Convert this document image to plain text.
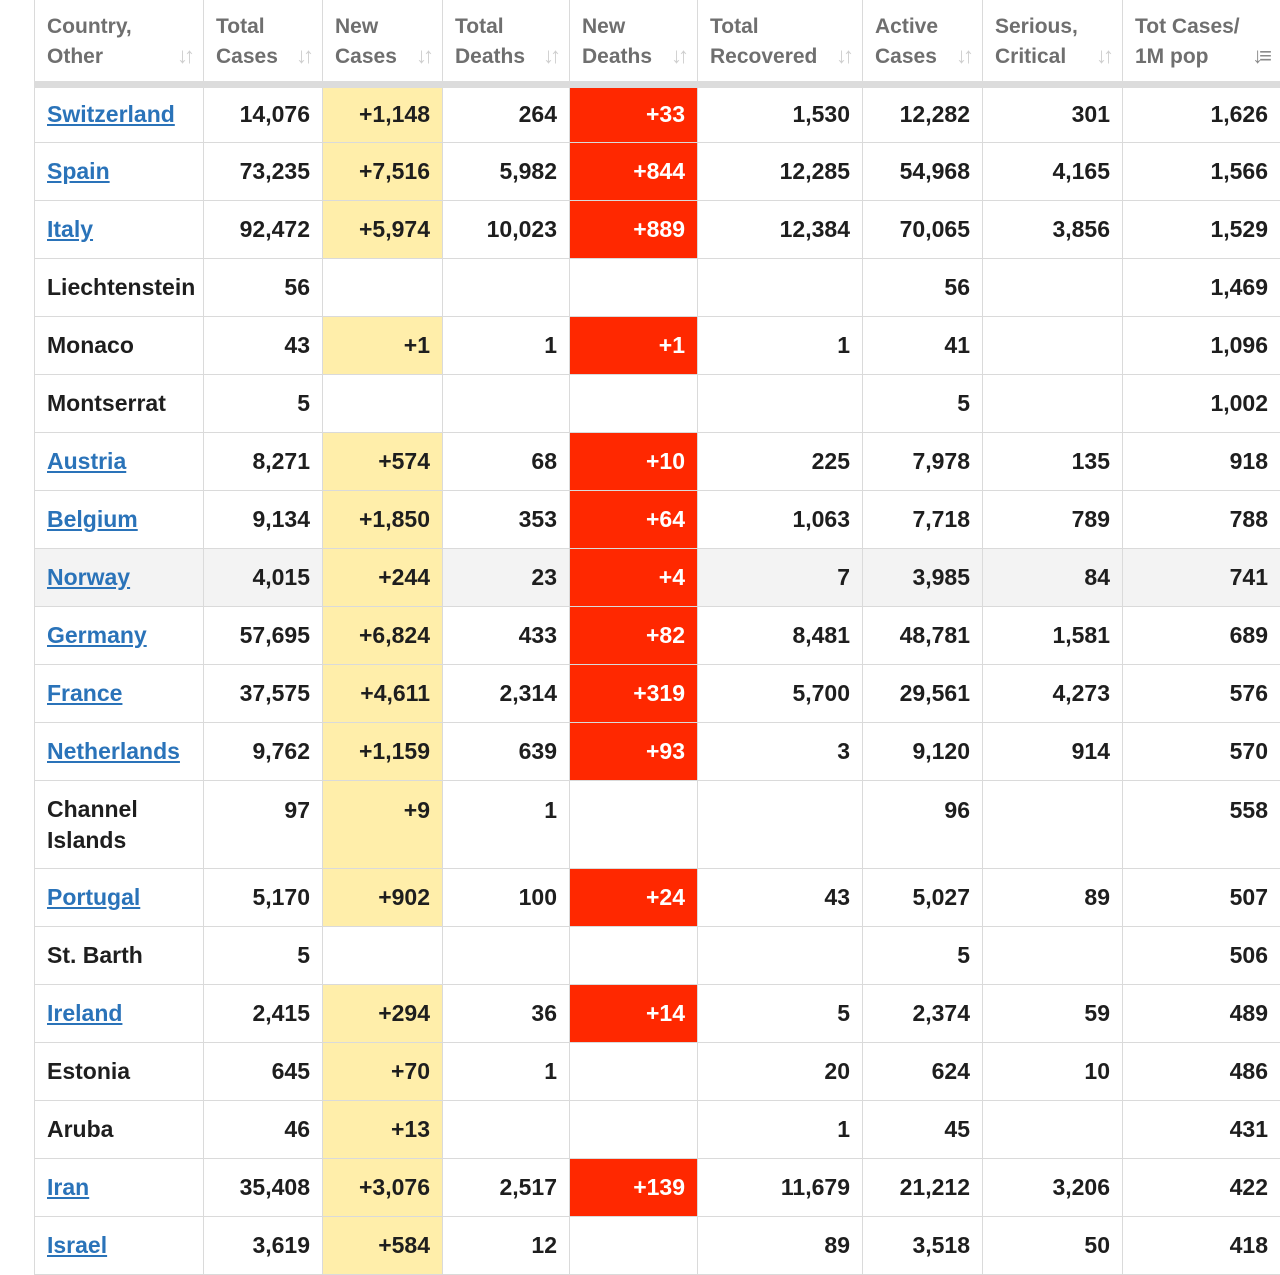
Country, Other ↓↑	Total Cases ↓↑	New Cases ↓↑	Total Deaths ↓↑	New Deaths ↓↑	Total Recovered ↓↑	Active Cases ↓↑	Serious, Critical ↓↑	Tot Cases/ 1M pop ↓≡

Switzerland	14,076	+1,148	264	+33	1,530	12,282	301	1,626
Spain	73,235	+7,516	5,982	+844	12,285	54,968	4,165	1,566
Italy	92,472	+5,974	10,023	+889	12,384	70,065	3,856	1,529
Liechtenstein	56					56		1,469
Monaco	43	+1	1	+1	1	41		1,096
Montserrat	5					5		1,002
Austria	8,271	+574	68	+10	225	7,978	135	918
Belgium	9,134	+1,850	353	+64	1,063	7,718	789	788
Norway	4,015	+244	23	+4	7	3,985	84	741
Germany	57,695	+6,824	433	+82	8,481	48,781	1,581	689
France	37,575	+4,611	2,314	+319	5,700	29,561	4,273	576
Netherlands	9,762	+1,159	639	+93	3	9,120	914	570
Channel Islands	97	+9	1			96		558
Portugal	5,170	+902	100	+24	43	5,027	89	507
St. Barth	5					5		506
Ireland	2,415	+294	36	+14	5	2,374	59	489
Estonia	645	+70	1		20	624	10	486
Aruba	46	+13			1	45		431
Iran	35,408	+3,076	2,517	+139	11,679	21,212	3,206	422
Israel	3,619	+584	12		89	3,518	50	418
